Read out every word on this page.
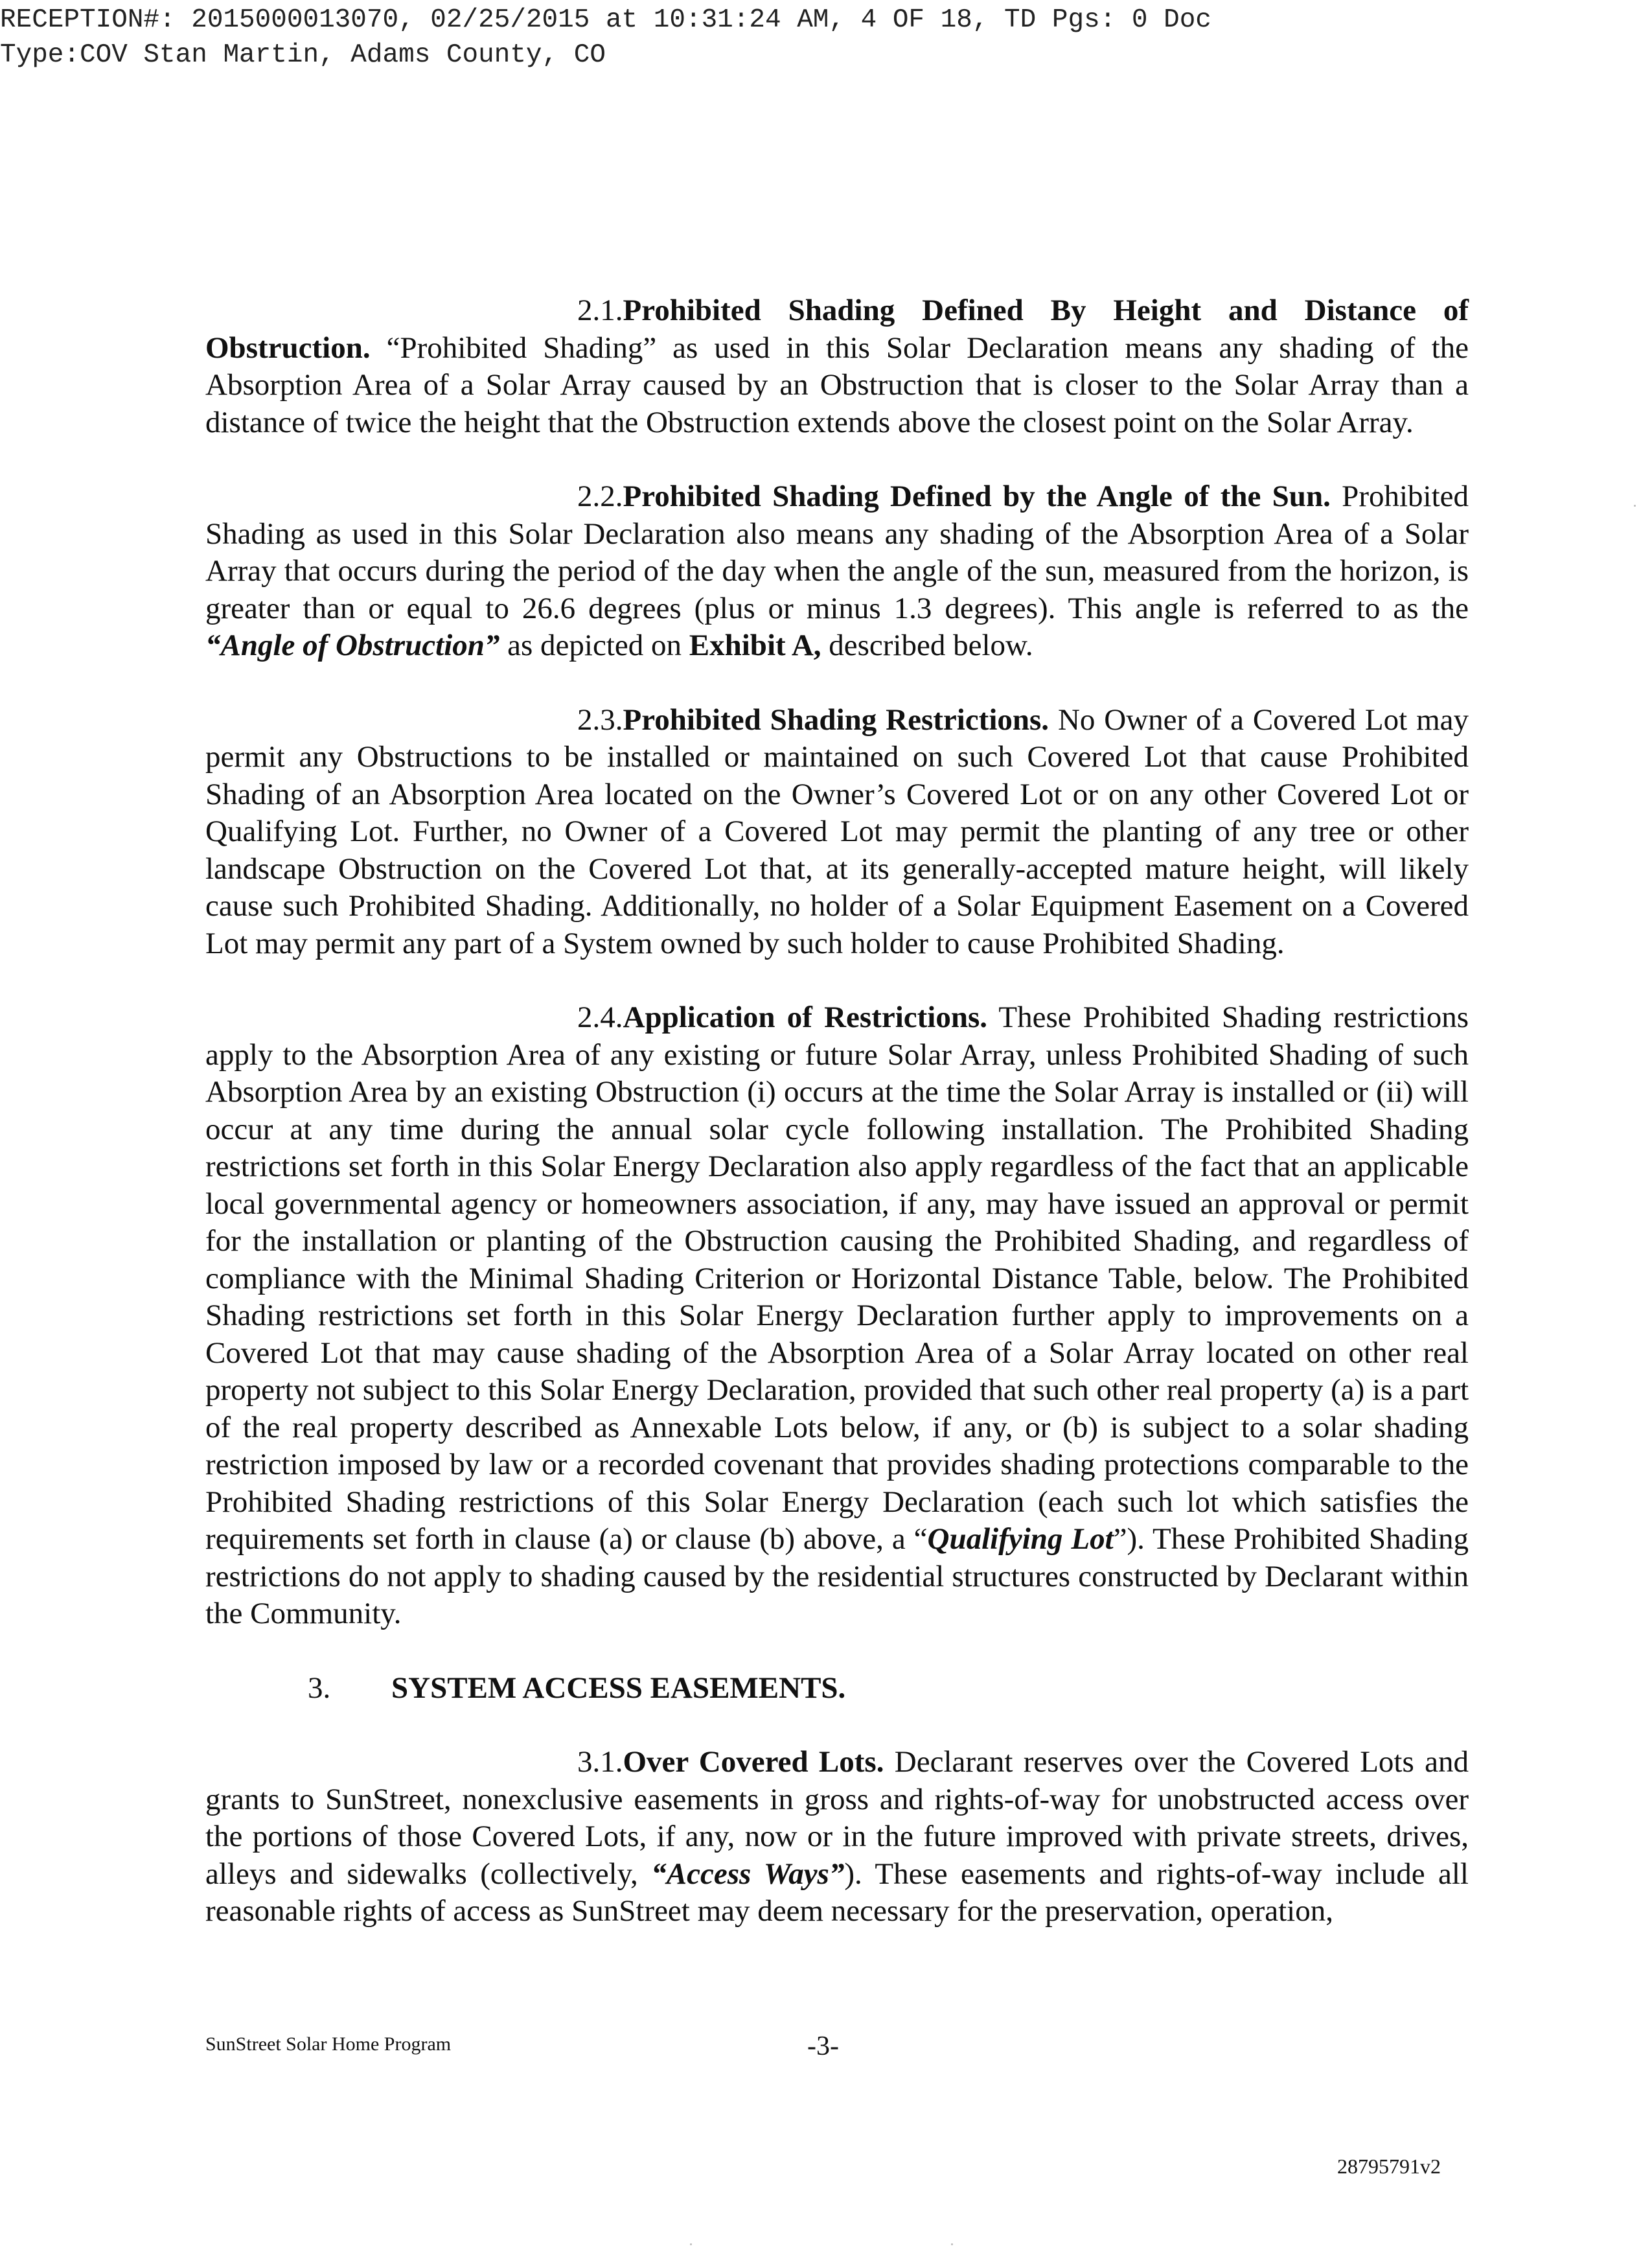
RECEPTION#: 2015000013070, 02/25/2015 at 10:31:24 AM, 4 OF 18, TD Pgs: 0 Doc
Type:COV Stan Martin, Adams County, CO

2.1.Prohibited Shading Defined By Height and Distance of Obstruction. “Prohibited Shading” as used in this Solar Declaration means any shading of the Absorption Area of a Solar Array caused by an Obstruction that is closer to the Solar Array than a distance of twice the height that the Obstruction extends above the closest point on the Solar Array.

2.2.Prohibited Shading Defined by the Angle of the Sun. Prohibited Shading as used in this Solar Declaration also means any shading of the Absorption Area of a Solar Array that occurs during the period of the day when the angle of the sun, measured from the horizon, is greater than or equal to 26.6 degrees (plus or minus 1.3 degrees). This angle is referred to as the “Angle of Obstruction” as depicted on Exhibit A, described below.

2.3.Prohibited Shading Restrictions. No Owner of a Covered Lot may permit any Obstructions to be installed or maintained on such Covered Lot that cause Prohibited Shading of an Absorption Area located on the Owner’s Covered Lot or on any other Covered Lot or Qualifying Lot. Further, no Owner of a Covered Lot may permit the planting of any tree or other landscape Obstruction on the Covered Lot that, at its generally-accepted mature height, will likely cause such Prohibited Shading. Additionally, no holder of a Solar Equipment Easement on a Covered Lot may permit any part of a System owned by such holder to cause Prohibited Shading.

2.4.Application of Restrictions. These Prohibited Shading restrictions apply to the Absorption Area of any existing or future Solar Array, unless Prohibited Shading of such Absorption Area by an existing Obstruction (i) occurs at the time the Solar Array is installed or (ii) will occur at any time during the annual solar cycle following installation. The Prohibited Shading restrictions set forth in this Solar Energy Declaration also apply regardless of the fact that an applicable local governmental agency or homeowners association, if any, may have issued an approval or permit for the installation or planting of the Obstruction causing the Prohibited Shading, and regardless of compliance with the Minimal Shading Criterion or Horizontal Distance Table, below. The Prohibited Shading restrictions set forth in this Solar Energy Declaration further apply to improvements on a Covered Lot that may cause shading of the Absorption Area of a Solar Array located on other real property not subject to this Solar Energy Declaration, provided that such other real property (a) is a part of the real property described as Annexable Lots below, if any, or (b) is subject to a solar shading restriction imposed by law or a recorded covenant that provides shading protections comparable to the Prohibited Shading restrictions of this Solar Energy Declaration (each such lot which satisfies the requirements set forth in clause (a) or clause (b) above, a “Qualifying Lot”). These Prohibited Shading restrictions do not apply to shading caused by the residential structures constructed by Declarant within the Community.

3. SYSTEM ACCESS EASEMENTS.

3.1.Over Covered Lots. Declarant reserves over the Covered Lots and grants to SunStreet, nonexclusive easements in gross and rights-of-way for unobstructed access over the portions of those Covered Lots, if any, now or in the future improved with private streets, drives, alleys and sidewalks (collectively, “Access Ways”). These easements and rights-of-way include all reasonable rights of access as SunStreet may deem necessary for the preservation, operation,

SunStreet Solar Home Program	-3-
28795791v2
